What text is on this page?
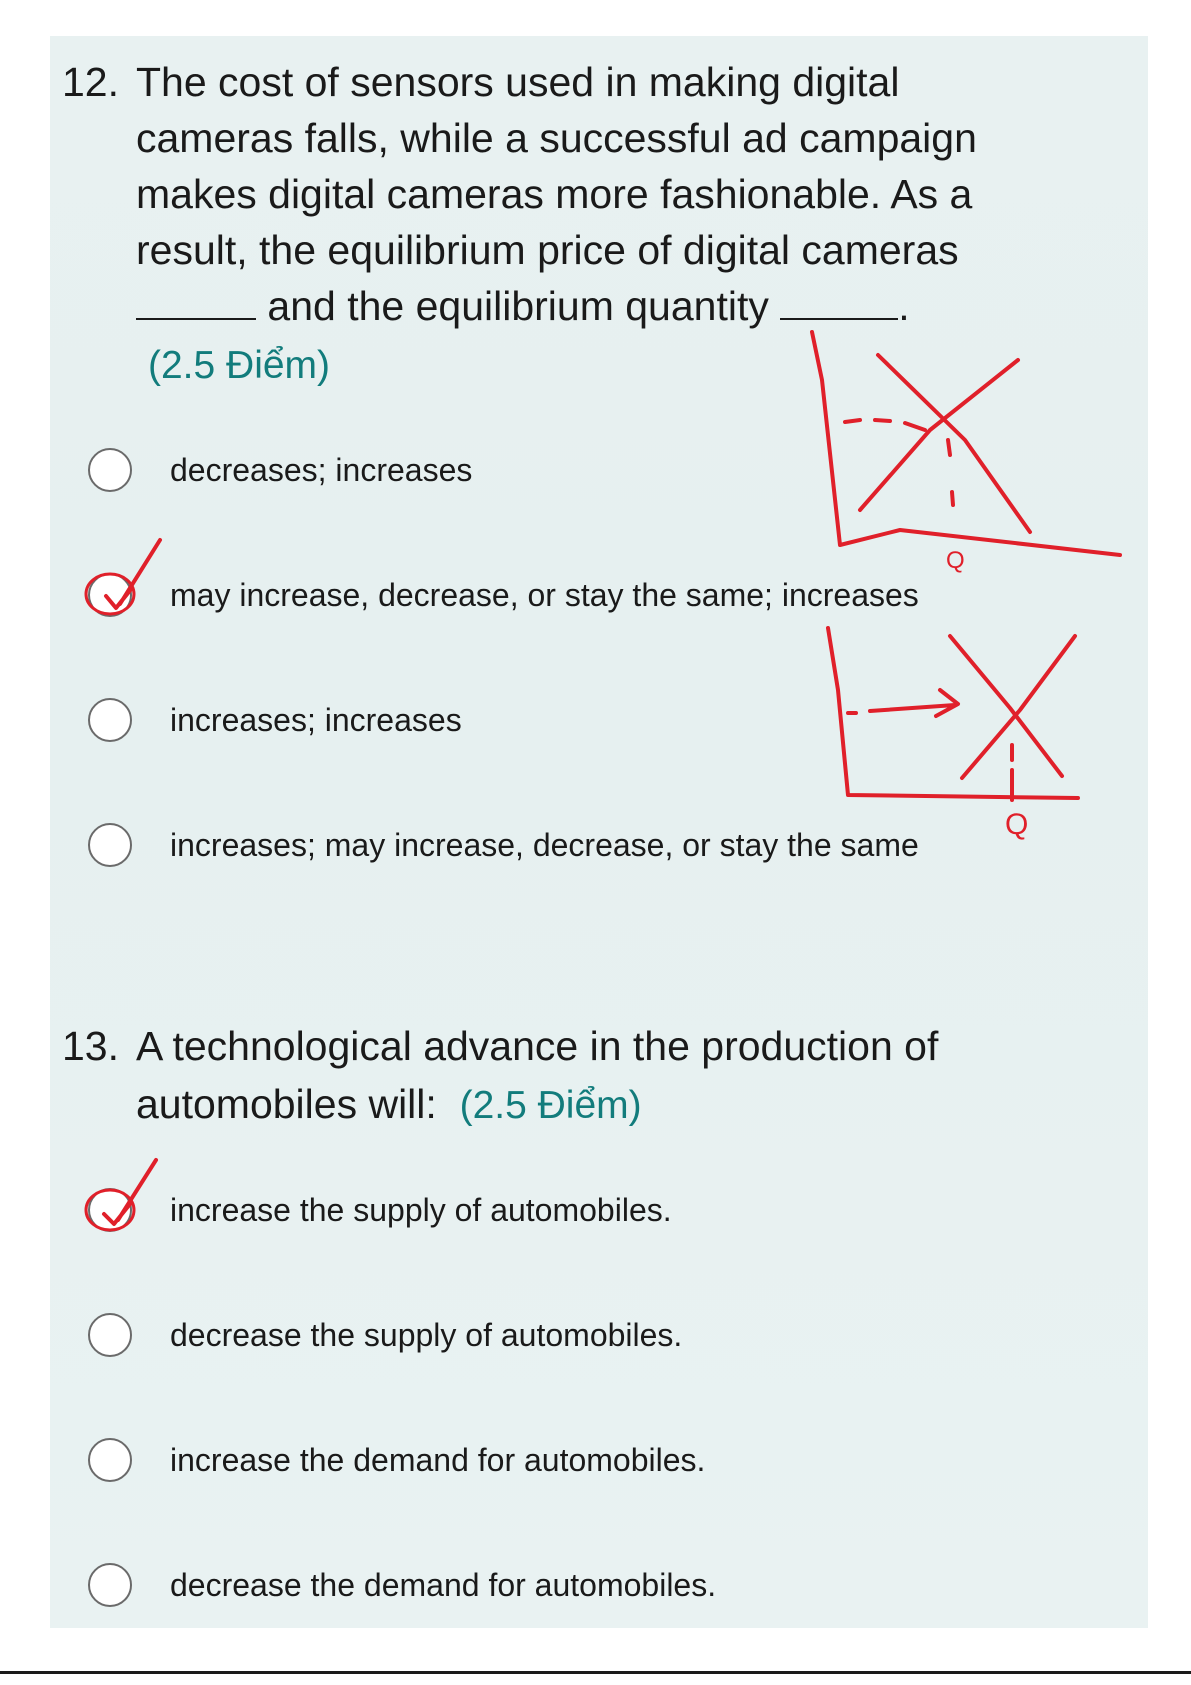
12. The cost of sensors used in making digital
cameras falls, while a successful ad campaign
makes digital cameras more fashionable. As a
result, the equilibrium price of digital cameras
and the equilibrium quantity	.
(2.5 Điểm)
decreases; increases
may increase, decrease, or stay the same; increases
increases; increases
increases; may increase, decrease, or stay the same
13. A technological advance in the production of
automobiles will: (2.5 Điểm)
increase the supply of automobiles.
decrease the supply of automobiles.
increase the demand for automobiles.
decrease the demand for automobiles.
Q
Q
